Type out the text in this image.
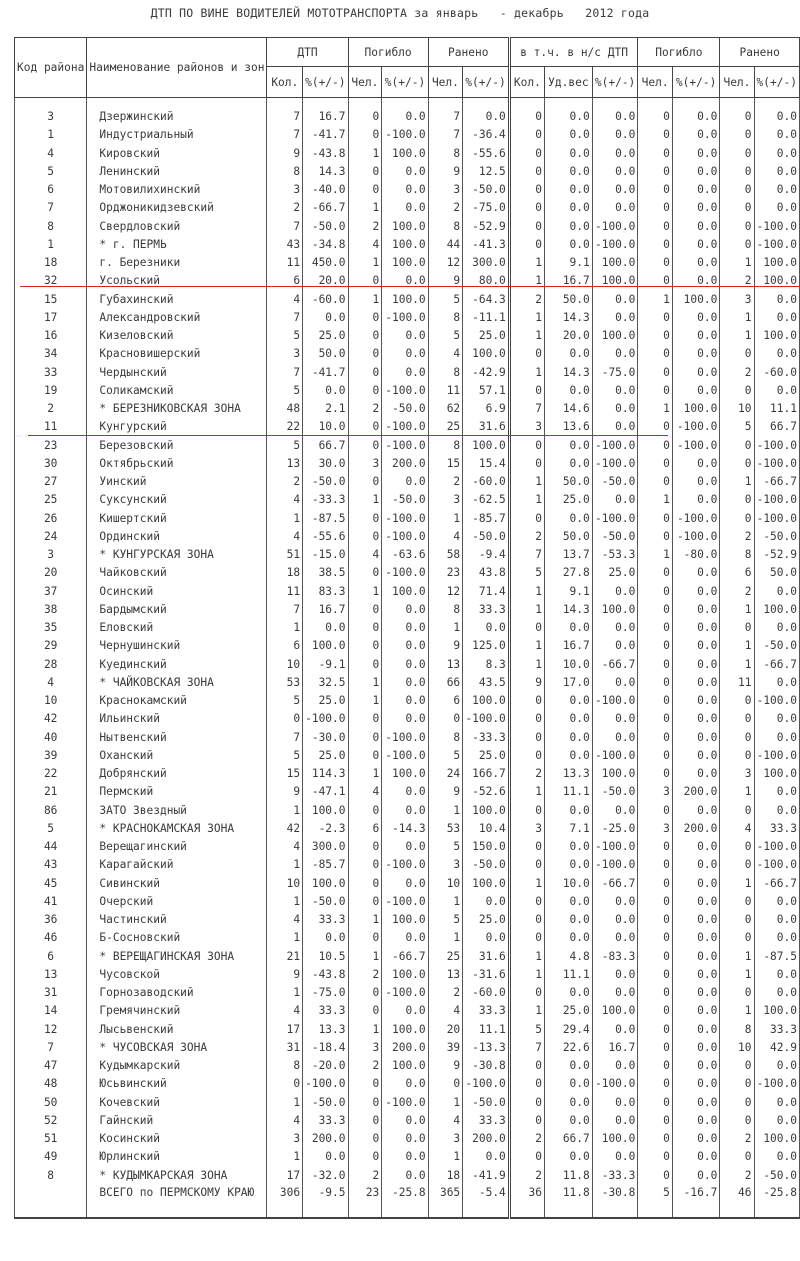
ДТП ПО ВИНЕ ВОДИТЕЛЕЙ МОТОТРАНСПОРТА за январь   - декабрь   2012 года
Код района	Наименование районов и зон	ДТП		Погибло		Ранено		в т.ч. в н/с ДТП			Погибло		Ранено	
		Кол.	%(+/-)	Чел.	%(+/-)	Чел.	%(+/-)	Кол.	Уд.вес	%(+/-)	Чел.	%(+/-)	Чел.	%(+/-)

3	Дзержинский	7	16.7	0	0.0	7	0.0	0	0.0	0.0	0	0.0	0	0.0
1	Индустриальный	7	-41.7	0	-100.0	7	-36.4	0	0.0	0.0	0	0.0	0	0.0
4	Кировский	9	-43.8	1	100.0	8	-55.6	0	0.0	0.0	0	0.0	0	0.0
5	Ленинский	8	14.3	0	0.0	9	12.5	0	0.0	0.0	0	0.0	0	0.0
6	Мотовилихинский	3	-40.0	0	0.0	3	-50.0	0	0.0	0.0	0	0.0	0	0.0
7	Орджоникидзевский	2	-66.7	1	0.0	2	-75.0	0	0.0	0.0	0	0.0	0	0.0
8	Свердловский	7	-50.0	2	100.0	8	-52.9	0	0.0	-100.0	0	0.0	0	-100.0
1	* г. ПЕРМЬ	43	-34.8	4	100.0	44	-41.3	0	0.0	-100.0	0	0.0	0	-100.0
18	г. Березники	11	450.0	1	100.0	12	300.0	1	9.1	100.0	0	0.0	1	100.0
32	Усольский	6	20.0	0	0.0	9	80.0	1	16.7	100.0	0	0.0	2	100.0
15	Губахинский	4	-60.0	1	100.0	5	-64.3	2	50.0	0.0	1	100.0	3	0.0
17	Александровский	7	0.0	0	-100.0	8	-11.1	1	14.3	0.0	0	0.0	1	0.0
16	Кизеловский	5	25.0	0	0.0	5	25.0	1	20.0	100.0	0	0.0	1	100.0
34	Красновишерский	3	50.0	0	0.0	4	100.0	0	0.0	0.0	0	0.0	0	0.0
33	Чердынский	7	-41.7	0	0.0	8	-42.9	1	14.3	-75.0	0	0.0	2	-60.0
19	Соликамский	5	0.0	0	-100.0	11	57.1	0	0.0	0.0	0	0.0	0	0.0
2	* БЕРЕЗНИКОВСКАЯ ЗОНА	48	2.1	2	-50.0	62	6.9	7	14.6	0.0	1	100.0	10	11.1
11	Кунгурский	22	10.0	0	-100.0	25	31.6	3	13.6	0.0	0	-100.0	5	66.7
23	Березовский	5	66.7	0	-100.0	8	100.0	0	0.0	-100.0	0	-100.0	0	-100.0
30	Октябрьский	13	30.0	3	200.0	15	15.4	0	0.0	-100.0	0	0.0	0	-100.0
27	Уинский	2	-50.0	0	0.0	2	-60.0	1	50.0	-50.0	0	0.0	1	-66.7
25	Суксунский	4	-33.3	1	-50.0	3	-62.5	1	25.0	0.0	1	0.0	0	-100.0
26	Кишертский	1	-87.5	0	-100.0	1	-85.7	0	0.0	-100.0	0	-100.0	0	-100.0
24	Ординский	4	-55.6	0	-100.0	4	-50.0	2	50.0	-50.0	0	-100.0	2	-50.0
3	* КУНГУРСКАЯ ЗОНА	51	-15.0	4	-63.6	58	-9.4	7	13.7	-53.3	1	-80.0	8	-52.9
20	Чайковский	18	38.5	0	-100.0	23	43.8	5	27.8	25.0	0	0.0	6	50.0
37	Осинский	11	83.3	1	100.0	12	71.4	1	9.1	0.0	0	0.0	2	0.0
38	Бардымский	7	16.7	0	0.0	8	33.3	1	14.3	100.0	0	0.0	1	100.0
35	Еловский	1	0.0	0	0.0	1	0.0	0	0.0	0.0	0	0.0	0	0.0
29	Чернушинский	6	100.0	0	0.0	9	125.0	1	16.7	0.0	0	0.0	1	-50.0
28	Куединский	10	-9.1	0	0.0	13	8.3	1	10.0	-66.7	0	0.0	1	-66.7
4	* ЧАЙКОВСКАЯ ЗОНА	53	32.5	1	0.0	66	43.5	9	17.0	0.0	0	0.0	11	0.0
10	Краснокамский	5	25.0	1	0.0	6	100.0	0	0.0	-100.0	0	0.0	0	-100.0
42	Ильинский	0	-100.0	0	0.0	0	-100.0	0	0.0	0.0	0	0.0	0	0.0
40	Нытвенский	7	-30.0	0	-100.0	8	-33.3	0	0.0	0.0	0	0.0	0	0.0
39	Оханский	5	25.0	0	-100.0	5	25.0	0	0.0	-100.0	0	0.0	0	-100.0
22	Добрянский	15	114.3	1	100.0	24	166.7	2	13.3	100.0	0	0.0	3	100.0
21	Пермский	9	-47.1	4	0.0	9	-52.6	1	11.1	-50.0	3	200.0	1	0.0
86	ЗАТО Звездный	1	100.0	0	0.0	1	100.0	0	0.0	0.0	0	0.0	0	0.0
5	* КРАСНОКАМСКАЯ ЗОНА	42	-2.3	6	-14.3	53	10.4	3	7.1	-25.0	3	200.0	4	33.3
44	Верещагинский	4	300.0	0	0.0	5	150.0	0	0.0	-100.0	0	0.0	0	-100.0
43	Карагайский	1	-85.7	0	-100.0	3	-50.0	0	0.0	-100.0	0	0.0	0	-100.0
45	Сивинский	10	100.0	0	0.0	10	100.0	1	10.0	-66.7	0	0.0	1	-66.7
41	Очерский	1	-50.0	0	-100.0	1	0.0	0	0.0	0.0	0	0.0	0	0.0
36	Частинский	4	33.3	1	100.0	5	25.0	0	0.0	0.0	0	0.0	0	0.0
46	Б-Сосновский	1	0.0	0	0.0	1	0.0	0	0.0	0.0	0	0.0	0	0.0
6	* ВЕРЕЩАГИНСКАЯ ЗОНА	21	10.5	1	-66.7	25	31.6	1	4.8	-83.3	0	0.0	1	-87.5
13	Чусовской	9	-43.8	2	100.0	13	-31.6	1	11.1	0.0	0	0.0	1	0.0
31	Горнозаводский	1	-75.0	0	-100.0	2	-60.0	0	0.0	0.0	0	0.0	0	0.0
14	Гремячинский	4	33.3	0	0.0	4	33.3	1	25.0	100.0	0	0.0	1	100.0
12	Лысьвенский	17	13.3	1	100.0	20	11.1	5	29.4	0.0	0	0.0	8	33.3
7	* ЧУСОВСКАЯ ЗОНА	31	-18.4	3	200.0	39	-13.3	7	22.6	16.7	0	0.0	10	42.9
47	Кудымкарский	8	-20.0	2	100.0	9	-30.8	0	0.0	0.0	0	0.0	0	0.0
48	Юсьвинский	0	-100.0	0	0.0	0	-100.0	0	0.0	-100.0	0	0.0	0	-100.0
50	Кочевский	1	-50.0	0	-100.0	1	-50.0	0	0.0	0.0	0	0.0	0	0.0
52	Гайнский	4	33.3	0	0.0	4	33.3	0	0.0	0.0	0	0.0	0	0.0
51	Косинский	3	200.0	0	0.0	3	200.0	2	66.7	100.0	0	0.0	2	100.0
49	Юрлинский	1	0.0	0	0.0	1	0.0	0	0.0	0.0	0	0.0	0	0.0
8	* КУДЫМКАРСКАЯ ЗОНА	17	-32.0	2	0.0	18	-41.9	2	11.8	-33.3	0	0.0	2	-50.0
	ВСЕГО по ПЕРМСКОМУ КРАЮ	306	-9.5	23	-25.8	365	-5.4	36	11.8	-30.8	5	-16.7	46	-25.8
